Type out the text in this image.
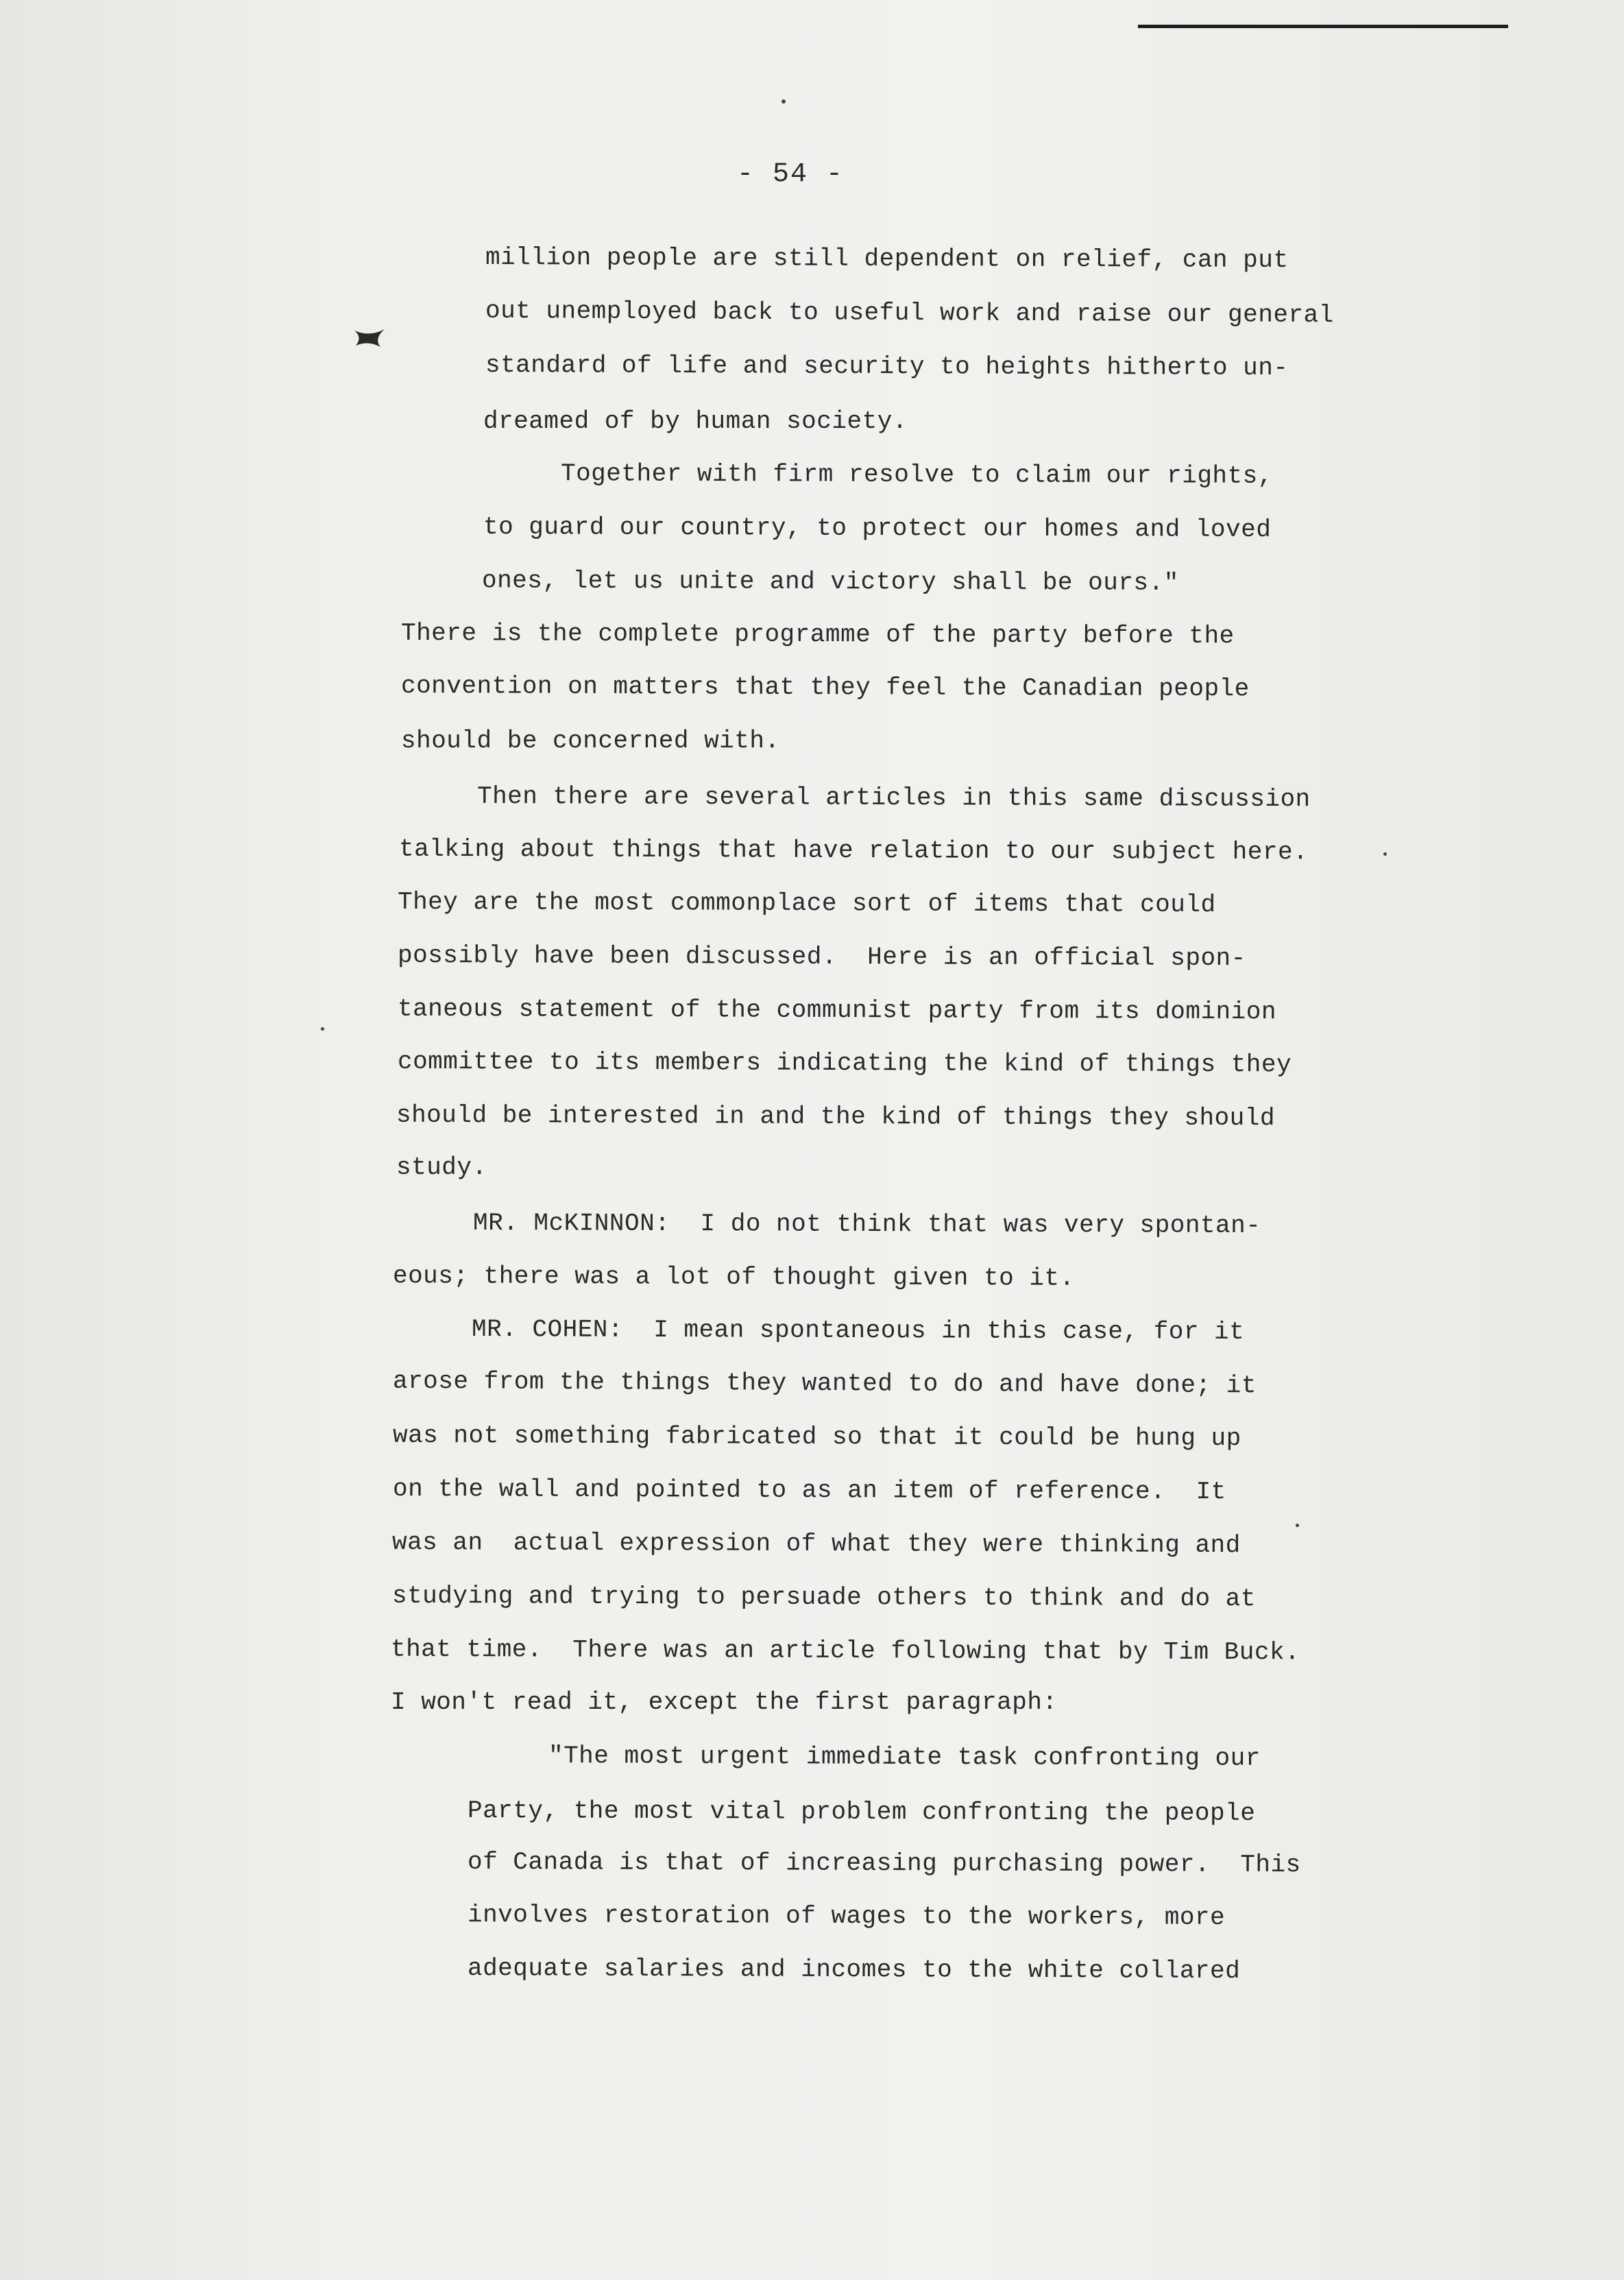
- 54 -
million people are still dependent on relief, can put
out unemployed back to useful work and raise our general
standard of life and security to heights hitherto un-
dreamed of by human society.
Together with firm resolve to claim our rights,
to guard our country, to protect our homes and loved
ones, let us unite and victory shall be ours."
There is the complete programme of the party before the
convention on matters that they feel the Canadian people
should be concerned with.
Then there are several articles in this same discussion
talking about things that have relation to our subject here.
They are the most commonplace sort of items that could
possibly have been discussed.  Here is an official spon-
taneous statement of the communist party from its dominion
committee to its members indicating the kind of things they
should be interested in and the kind of things they should
study.
MR. McKINNON:  I do not think that was very spontan-
eous; there was a lot of thought given to it.
MR. COHEN:  I mean spontaneous in this case, for it
arose from the things they wanted to do and have done; it
was not something fabricated so that it could be hung up
on the wall and pointed to as an item of reference.  It
was an  actual expression of what they were thinking and
studying and trying to persuade others to think and do at
that time.  There was an article following that by Tim Buck.
I won't read it, except the first paragraph:
"The most urgent immediate task confronting our
Party, the most vital problem confronting the people
of Canada is that of increasing purchasing power.  This
involves restoration of wages to the workers, more
adequate salaries and incomes to the white collared
